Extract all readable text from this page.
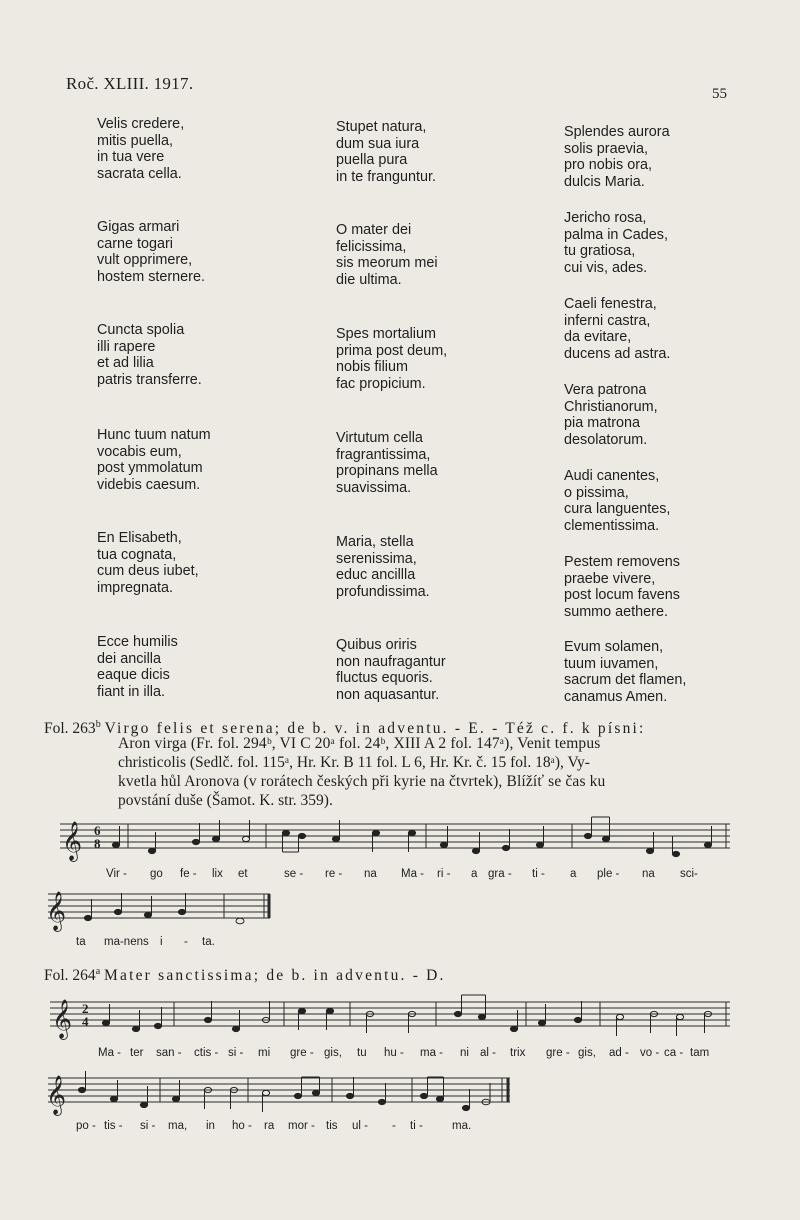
Roč. XLIII. 1917.
55
Velis credere,
mitis puella,
in tua vere
sacrata cella.
Gigas armari
carne togari
vult opprimere,
hostem sternere.
Cuncta spolia
illi rapere
et ad lilia
patris transferre.
Hunc tuum natum
vocabis eum,
post ymmolatum
videbis caesum.
En Elisabeth,
tua cognata,
cum deus iubet,
impregnata.
Ecce humilis
dei ancilla
eaque dicis
fiant in illa.
Stupet natura,
dum sua iura
puella pura
in te franguntur.
O mater dei
felicissima,
sis meorum mei
die ultima.
Spes mortalium
prima post deum,
nobis filium
fac propicium.
Virtutum cella
fragrantissima,
propinans mella
suavissima.
Maria, stella
serenissima,
educ ancillla
profundissima.
Quibus oriris
non naufragantur
fluctus equoris.
non aquasantur.
Splendes aurora
solis praevia,
pro nobis ora,
dulcis Maria.
Jericho rosa,
palma in Cades,
tu gratiosa,
cui vis, ades.
Caeli fenestra,
inferni castra,
da evitare,
ducens ad astra.
Vera patrona
Christianorum,
pia matrona
desolatorum.
Audi canentes,
o pissima,
cura languentes,
clementissima.
Pestem removens
praebe vivere,
post locum favens
summo aethere.
Evum solamen,
tuum iuvamen,
sacrum det flamen,
canamus Amen.
Fol. 263$^b$ Virgo felis et serena; de b. v. in adventu. - E. - Též c. f. k písni:
Aron virga (Fr. fol. 294ᵇ, VI C 20ᵃ fol. 24ᵇ, XIII A 2 fol. 147ᵃ), Venit tempus
christicolis (Sedlč. fol. 115ᵃ, Hr. Kr. B 11 fol. L 6, Hr. Kr. č. 15 fol. 18ᵃ), Vy-
kvetla hůl Aronova (v rorátech českých při kyrie na čtvrtek), Blížíť se čas ku
povstání duše (Šamot. K. str. 359).
𝄞 6
8
Vir - go fe - lix et	se - re - na Ma - ri - a gra - ti - a ple - na sci-
𝄞
ta ma-nens i - ta.
Fol. 264$^a$ Mater sanctissima; de b. in adventu. - D.
𝄞 2
4
Ma - ter san - ctis - si - mi gre - gis, tu hu - ma - ni al - trix gre - gis, ad - vo - ca - tam
𝄞
po - tis - si - ma, in ho - ra mor - tis ul - - ti -	ma.
